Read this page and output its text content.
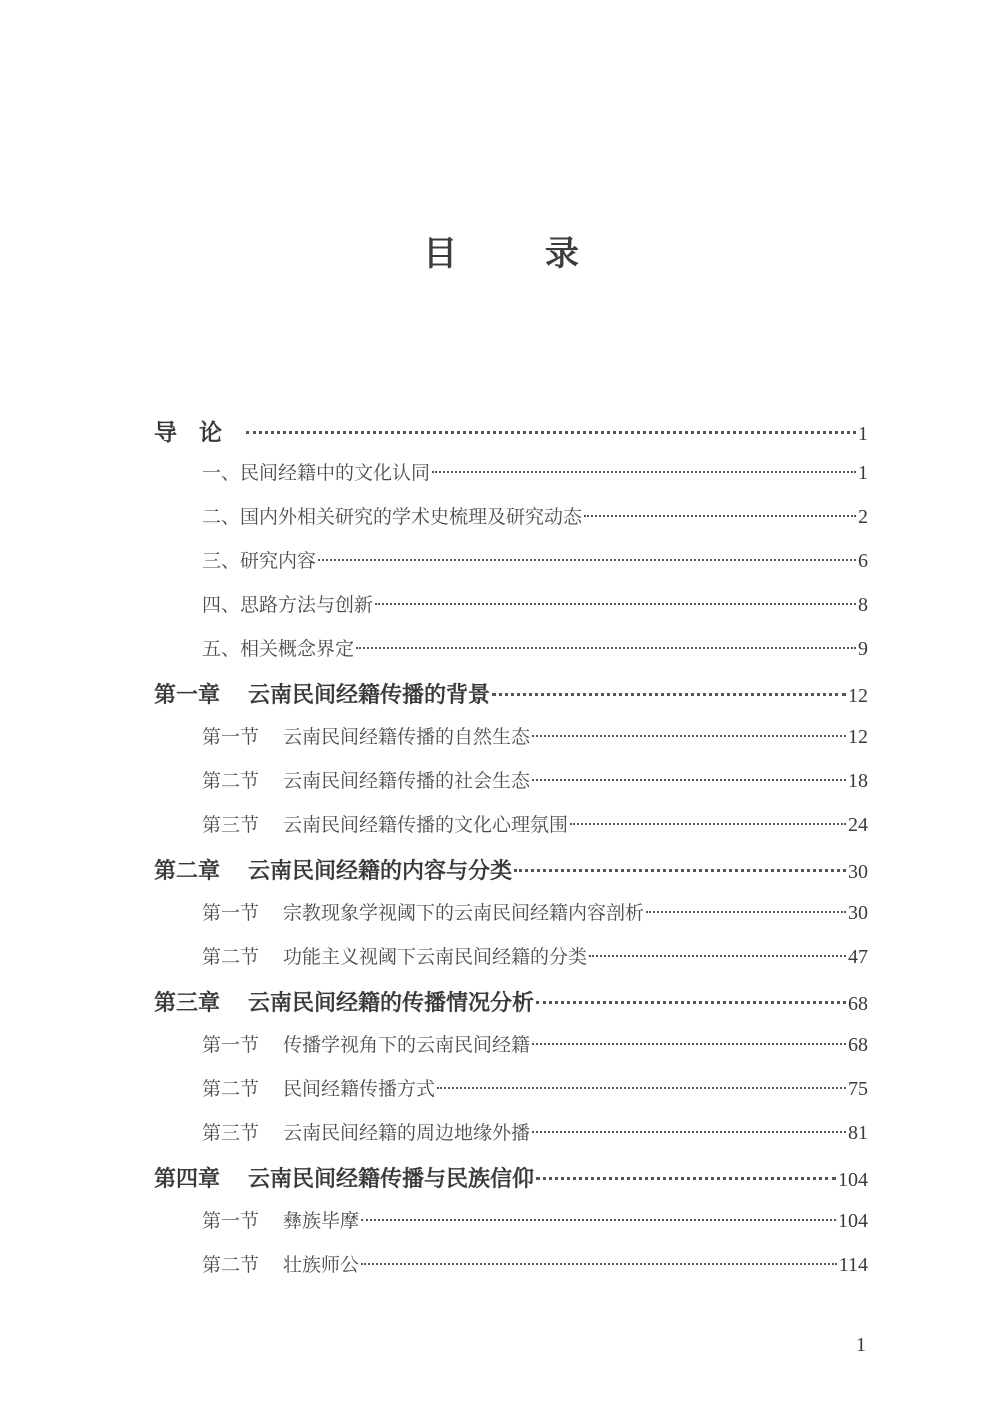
目 录
导论	1
一、民间经籍中的文化认同	1
二、国内外相关研究的学术史梳理及研究动态	2
三、研究内容	6
四、思路方法与创新	8
五、相关概念界定	9
第一章 云南民间经籍传播的背景	12
第一节 云南民间经籍传播的自然生态	12
第二节 云南民间经籍传播的社会生态	18
第三节 云南民间经籍传播的文化心理氛围	24
第二章 云南民间经籍的内容与分类	30
第一节 宗教现象学视阈下的云南民间经籍内容剖析	30
第二节 功能主义视阈下云南民间经籍的分类	47
第三章 云南民间经籍的传播情况分析	68
第一节 传播学视角下的云南民间经籍	68
第二节 民间经籍传播方式	75
第三节 云南民间经籍的周边地缘外播	81
第四章 云南民间经籍传播与民族信仰	104
第一节 彝族毕摩	104
第二节 壮族师公	114
1
